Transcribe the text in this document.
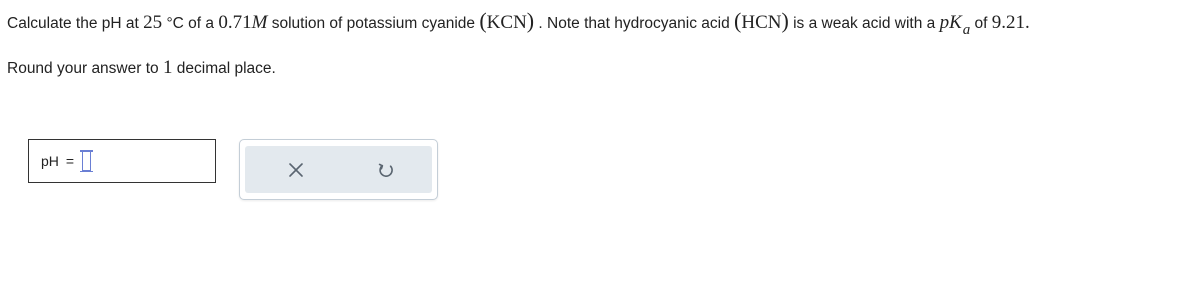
Calculate the pH at 25 °C of a 0.71M solution of potassium cyanide (KCN) . Note that hydrocyanic acid (HCN) is a weak acid with a pKa of 9.21.
Round your answer to 1 decimal place.
pH =
